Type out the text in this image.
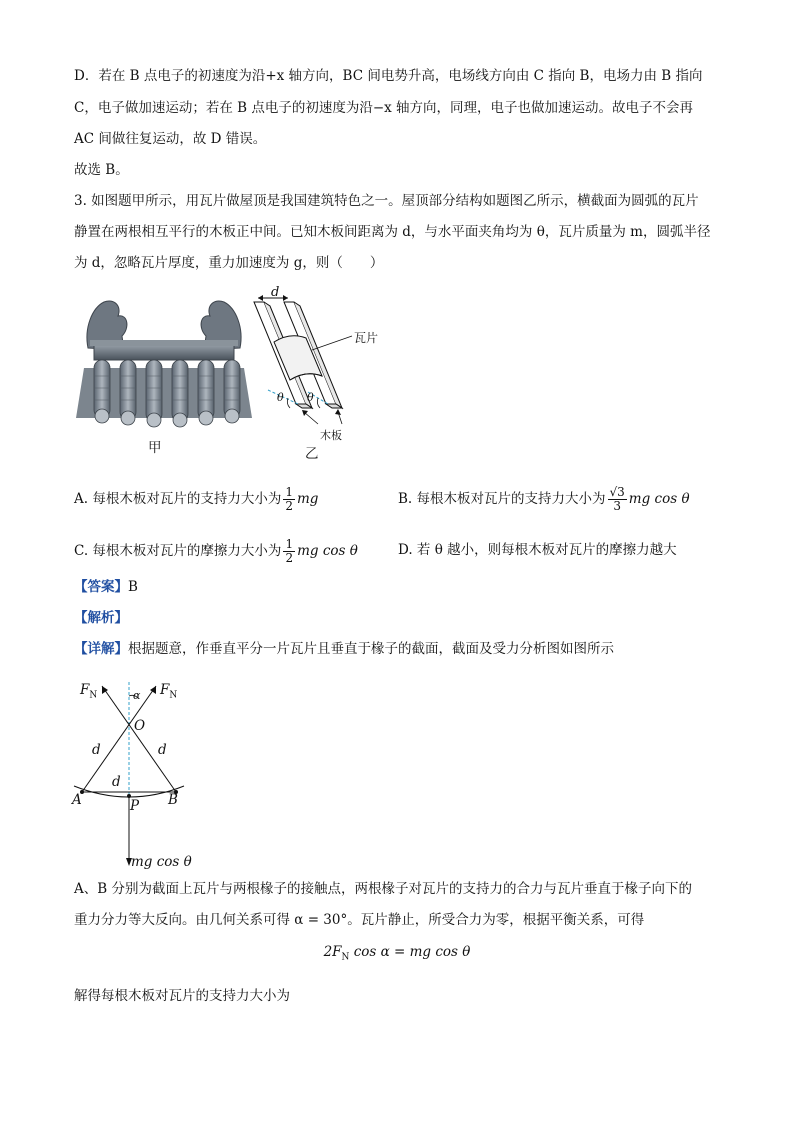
D．若在 B 点电子的初速度为沿+x 轴方向，BC 间电势升高，电场线方向由 C 指向 B，电场力由 B 指向
C，电子做加速运动；若在 B 点电子的初速度为沿−x 轴方向，同理，电子也做加速运动。故电子不会再
AC 间做往复运动，故 D 错误。
故选 B。
3. 如图题甲所示，用瓦片做屋顶是我国建筑特色之一。屋顶部分结构如题图乙所示，横截面为圆弧的瓦片
静置在两根相互平行的木板正中间。已知木板间距离为 d，与水平面夹角均为 θ，瓦片质量为 m，圆弧半径
为 d，忽略瓦片厚度，重力加速度为 g，则（　　）
甲
d
瓦片
θ θ
木板
乙
A. 每根木板对瓦片的支持力大小为 $\frac{1}{2}$ mg	B. 每根木板对瓦片的支持力大小为 $\frac{√3}{3}$ mg cos θ
C. 每根木板对瓦片的摩擦力大小为 $\frac{1}{2}$ mg cos θ	D. 若 θ 越小，则每根木板对瓦片的摩擦力越大
【答案】B
【解析】
【详解】根据题意，作垂直平分一片瓦片且垂直于椽子的截面，截面及受力分析图如图所示
$F_N$	$F_N$
α
O
d	d
d
A	P B
mg cos θ
A、B 分别为截面上瓦片与两根椽子的接触点，两根椽子对瓦片的支持力的合力与瓦片垂直于椽子向下的
重力分力等大反向。由几何关系可得 α = 30°。瓦片静止，所受合力为零，根据平衡关系，可得
$2F_N$ cos α = mg cos θ
解得每根木板对瓦片的支持力大小为
